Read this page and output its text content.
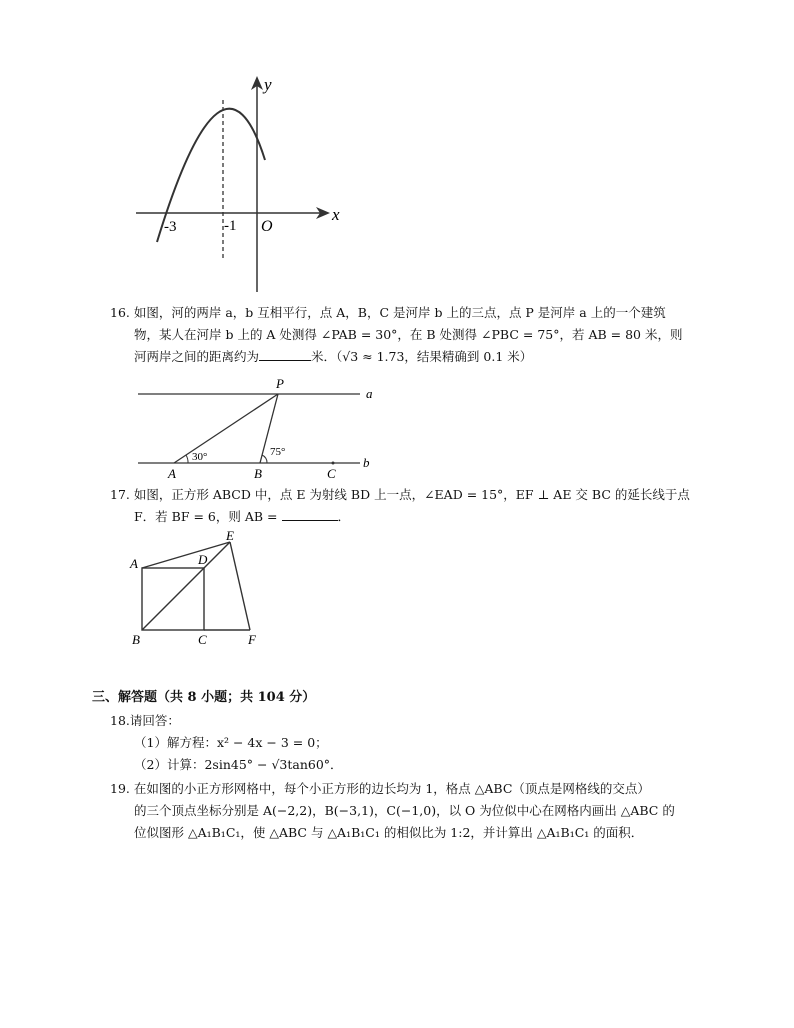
y
x
O
-3	-1
16. 如图，河的两岸 a，b 互相平行，点 A，B，C 是河岸 b 上的三点，点 P 是河岸 a 上的一个建筑
物，某人在河岸 b 上的 A 处测得 ∠PAB = 30°，在 B 处测得 ∠PBC = 75°，若 AB = 80 米，则
河两岸之间的距离约为	米．（√3 ≈ 1.73，结果精确到 0.1 米）
P
a
b
A	B	C
30°	75°
17. 如图，正方形 ABCD 中，点 E 为射线 BD 上一点，∠EAD = 15°，EF ⊥ AE 交 BC 的延长线于点
F．若 BF = 6，则 AB =	．
A	D
E
B	C	F
三、解答题（共 8 小题；共 104 分）
18.请回答：
（1）解方程：x² − 4x − 3 = 0；
（2）计算：2sin45° − √3tan60°．
19. 在如图的小正方形网格中，每个小正方形的边长均为 1，格点 △ABC（顶点是网格线的交点）
的三个顶点坐标分别是 A(−2,2)，B(−3,1)，C(−1,0)，以 O 为位似中心在网格内画出 △ABC 的
位似图形 △A₁B₁C₁，使 △ABC 与 △A₁B₁C₁ 的相似比为 1:2，并计算出 △A₁B₁C₁ 的面积．
